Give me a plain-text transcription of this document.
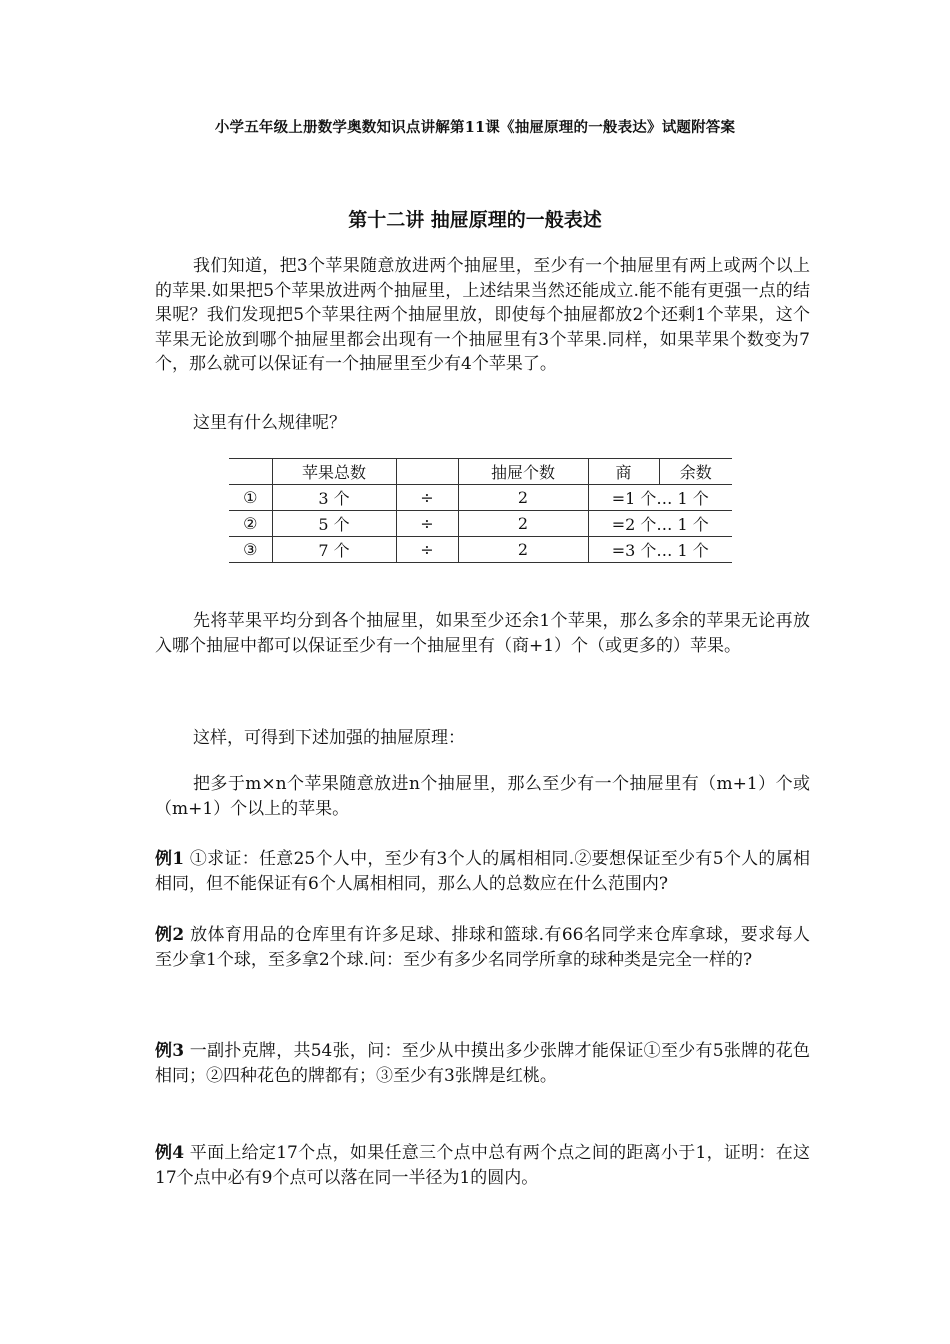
小学五年级上册数学奥数知识点讲解第11课《抽屉原理的一般表达》试题附答案
第十二讲 抽屉原理的一般表述

我们知道，把3个苹果随意放进两个抽屉里，至少有一个抽屉里有两上或两个以上的苹果.如果把5个苹果放进两个抽屉里，上述结果当然还能成立.能不能有更强一点的结果呢？我们发现把5个苹果往两个抽屉里放，即使每个抽屉都放2个还剩1个苹果，这个苹果无论放到哪个抽屉里都会出现有一个抽屉里有3个苹果.同样，如果苹果个数变为7个，那么就可以保证有一个抽屉里至少有4个苹果了。

这里有什么规律呢？

	苹果总数		抽屉个数	商	余数
①	3 个	÷	2	=1 个… 1 个	
②	5 个	÷	2	=2 个… 1 个	
③	7 个	÷	2	=3 个… 1 个	

先将苹果平均分到各个抽屉里，如果至少还余1个苹果，那么多余的苹果无论再放入哪个抽屉中都可以保证至少有一个抽屉里有（商+1）个（或更多的）苹果。

这样，可得到下述加强的抽屉原理：

把多于m×n个苹果随意放进n个抽屉里，那么至少有一个抽屉里有（m+1）个或（m+1）个以上的苹果。

例1 ①求证：任意25个人中，至少有3个人的属相相同.②要想保证至少有5个人的属相相同，但不能保证有6个人属相相同，那么人的总数应在什么范围内?

例2 放体育用品的仓库里有许多足球、排球和篮球.有66名同学来仓库拿球，要求每人至少拿1个球，至多拿2个球.问：至少有多少名同学所拿的球种类是完全一样的?

例3 一副扑克牌，共54张，问：至少从中摸出多少张牌才能保证①至少有5张牌的花色相同；②四种花色的牌都有；③至少有3张牌是红桃。

例4 平面上给定17个点，如果任意三个点中总有两个点之间的距离小于1，证明：在这17个点中必有9个点可以落在同一半径为1的圆内。
